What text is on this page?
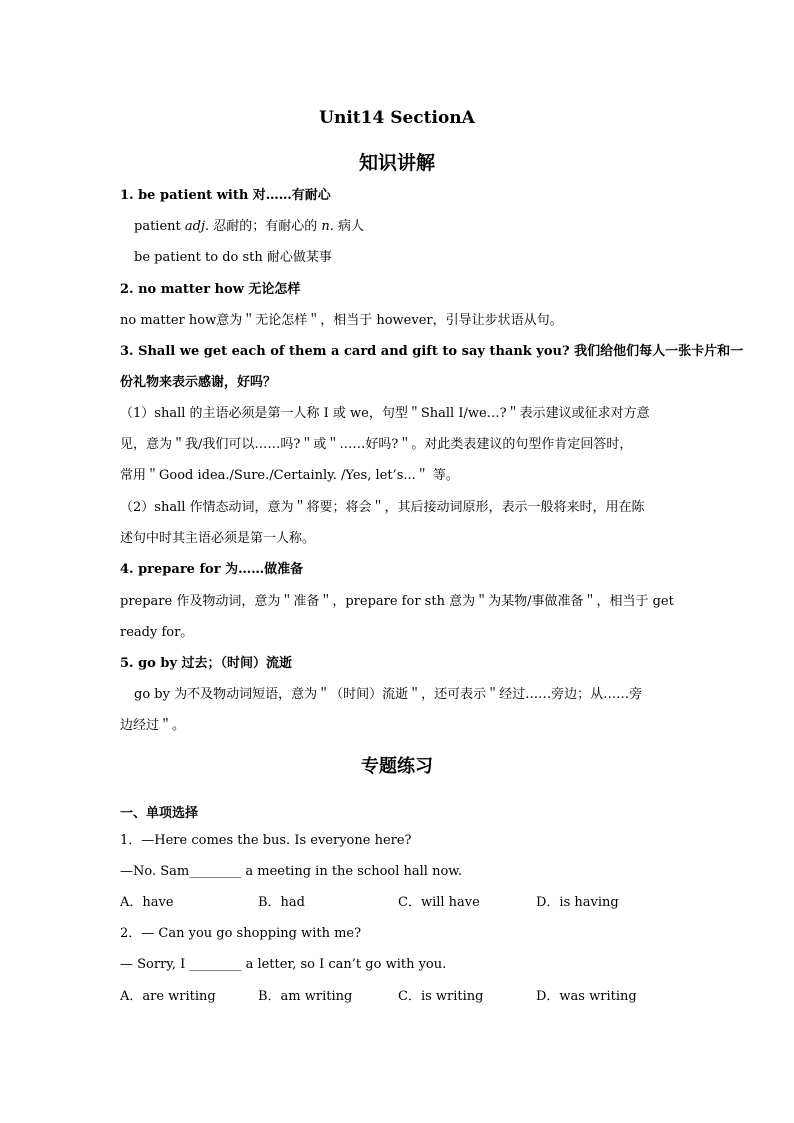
Unit14 SectionA
知识讲解
1. be patient with 对……有耐心
patient adj. 忍耐的；有耐心的 n. 病人
be patient to do sth 耐心做某事
2. no matter how 无论怎样
no matter how意为＂无论怎样＂，相当于 however，引导让步状语从句。
3. Shall we get each of them a card and gift to say thank you? 我们给他们每人一张卡片和一
份礼物来表示感谢，好吗？
（1）shall 的主语必须是第一人称 I 或 we，句型＂Shall I/we…?＂表示建议或征求对方意
见，意为＂我/我们可以……吗?＂或＂……好吗?＂。对此类表建议的句型作肯定回答时，
常用＂Good idea./Sure./Certainly. /Yes, let’s...＂ 等。
（2）shall 作情态动词，意为＂将要；将会＂，其后接动词原形，表示一般将来时，用在陈
述句中时其主语必须是第一人称。
4. prepare for 为……做准备
prepare 作及物动词，意为＂准备＂，prepare for sth 意为＂为某物/事做准备＂，相当于 get
ready for。
5. go by 过去；（时间）流逝
go by 为不及物动词短语，意为＂（时间）流逝＂，还可表示＂经过……旁边；从……旁
边经过＂。
专题练习
一、单项选择
1．—Here comes the bus. Is everyone here?
—No. Sam________ a meeting in the school hall now.
A．have	B．had	C．will have	D．is having
2．— Can you go shopping with me?
— Sorry, I ________ a letter, so I can’t go with you.
A．are writing	B．am writing	C．is writing	D．was writing
